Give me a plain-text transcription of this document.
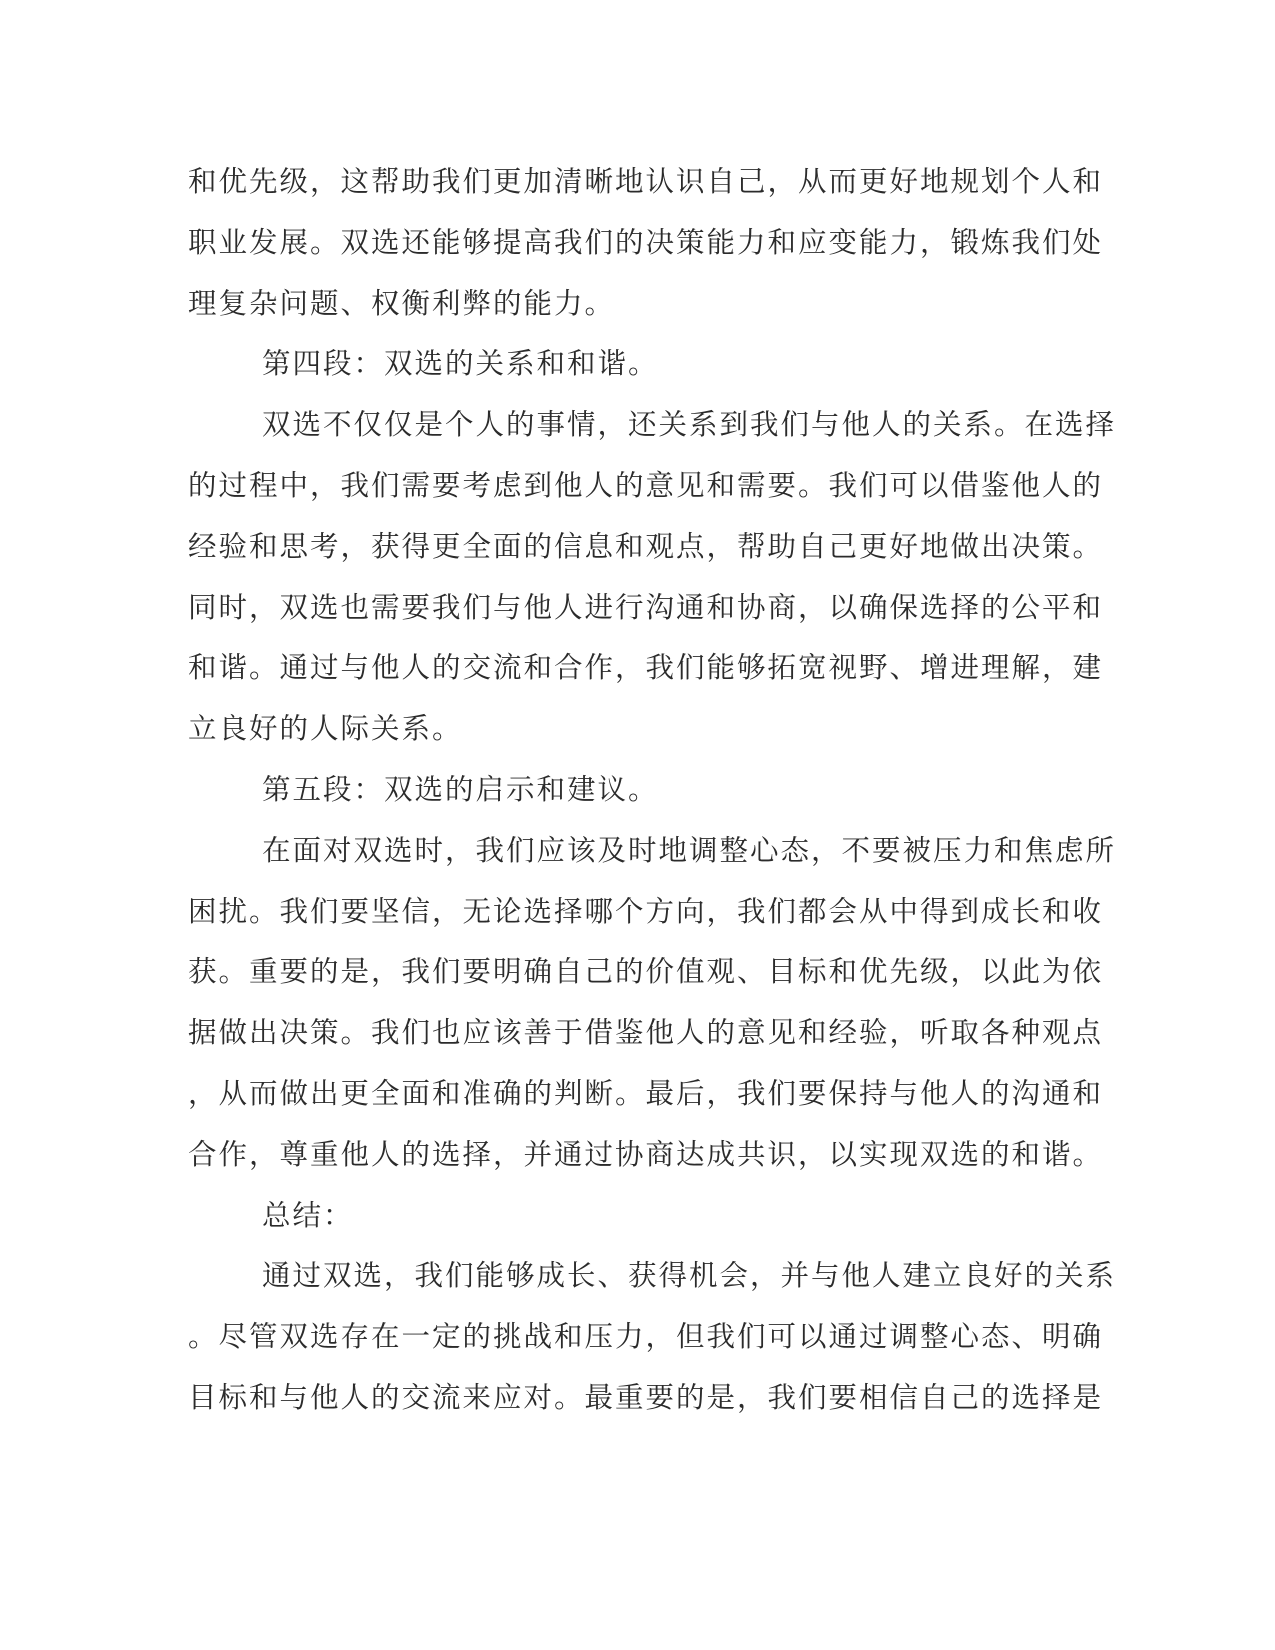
和优先级，这帮助我们更加清晰地认识自己，从而更好地规划个人和
职业发展。双选还能够提高我们的决策能力和应变能力，锻炼我们处
理复杂问题、权衡利弊的能力。
第四段：双选的关系和和谐。
双选不仅仅是个人的事情，还关系到我们与他人的关系。在选择
的过程中，我们需要考虑到他人的意见和需要。我们可以借鉴他人的
经验和思考，获得更全面的信息和观点，帮助自己更好地做出决策。
同时，双选也需要我们与他人进行沟通和协商，以确保选择的公平和
和谐。通过与他人的交流和合作，我们能够拓宽视野、增进理解，建
立良好的人际关系。
第五段：双选的启示和建议。
在面对双选时，我们应该及时地调整心态，不要被压力和焦虑所
困扰。我们要坚信，无论选择哪个方向，我们都会从中得到成长和收
获。重要的是，我们要明确自己的价值观、目标和优先级，以此为依
据做出决策。我们也应该善于借鉴他人的意见和经验，听取各种观点
，从而做出更全面和准确的判断。最后，我们要保持与他人的沟通和
合作，尊重他人的选择，并通过协商达成共识，以实现双选的和谐。
总结：
通过双选，我们能够成长、获得机会，并与他人建立良好的关系
。尽管双选存在一定的挑战和压力，但我们可以通过调整心态、明确
目标和与他人的交流来应对。最重要的是，我们要相信自己的选择是
